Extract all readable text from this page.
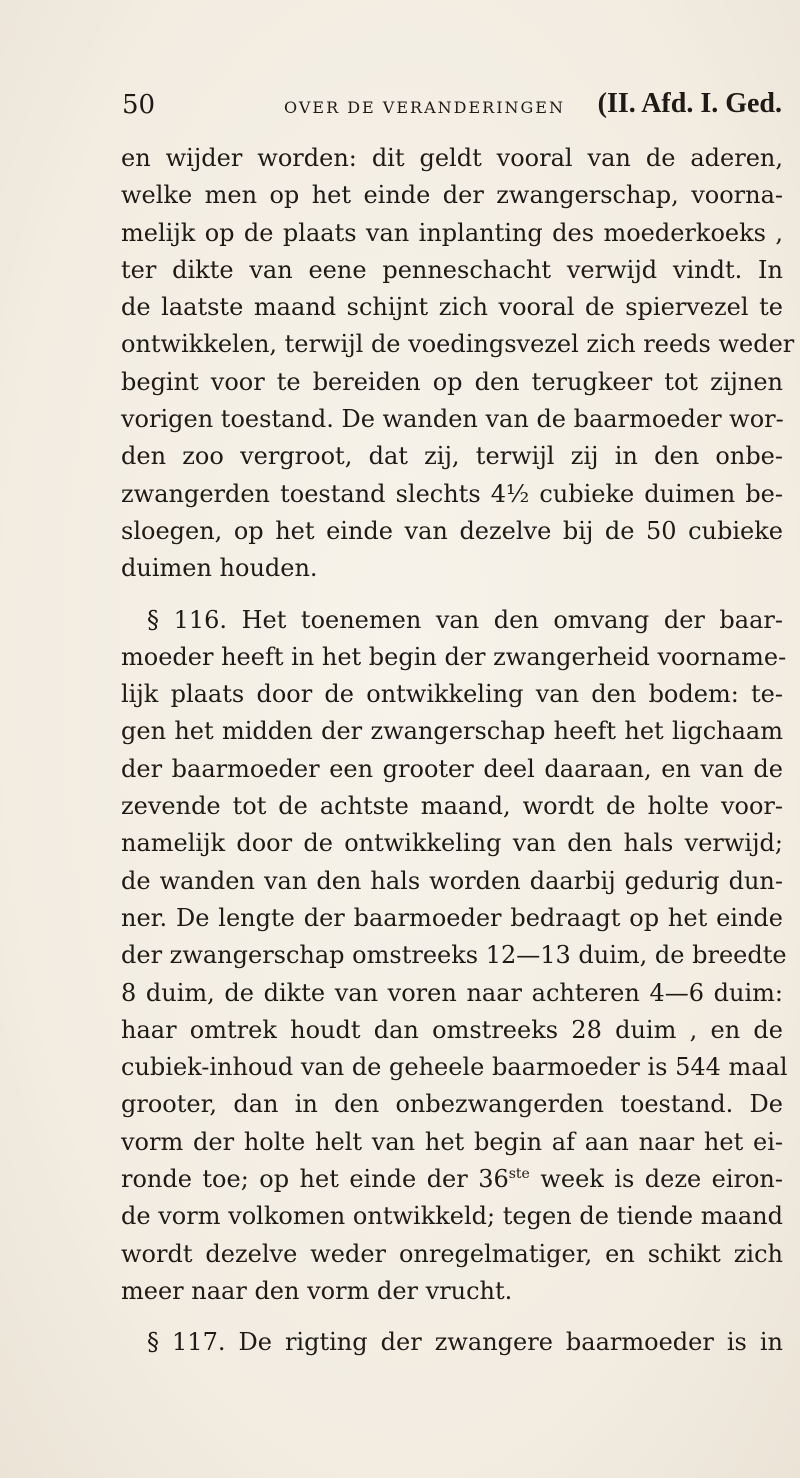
50	OVER DE VERANDERINGEN (II. Afd. I. Ged.
en wijder worden: dit geldt vooral van de aderen,
welke men op het einde der zwangerschap, voorna-
melijk op de plaats van inplanting des moederkoeks ,
ter dikte van eene penneschacht verwijd vindt. In
de laatste maand schijnt zich vooral de spiervezel te
ontwikkelen, terwijl de voedingsvezel zich reeds weder
begint voor te bereiden op den terugkeer tot zijnen
vorigen toestand. De wanden van de baarmoeder wor-
den zoo vergroot, dat zij, terwijl zij in den onbe-
zwangerden toestand slechts 4½ cubieke duimen be-
sloegen, op het einde van dezelve bij de 50 cubieke
duimen houden.
§ 116. Het toenemen van den omvang der baar-
moeder heeft in het begin der zwangerheid voorname-
lijk plaats door de ontwikkeling van den bodem: te-
gen het midden der zwangerschap heeft het ligchaam
der baarmoeder een grooter deel daaraan, en van de
zevende tot de achtste maand, wordt de holte voor-
namelijk door de ontwikkeling van den hals verwijd;
de wanden van den hals worden daarbij gedurig dun-
ner. De lengte der baarmoeder bedraagt op het einde
der zwangerschap omstreeks 12—13 duim, de breedte
8 duim, de dikte van voren naar achteren 4—6 duim:
haar omtrek houdt dan omstreeks 28 duim , en de
cubiek-inhoud van de geheele baarmoeder is 544 maal
grooter, dan in den onbezwangerden toestand. De
vorm der holte helt van het begin af aan naar het ei-
ronde toe; op het einde der 36ste week is deze eiron-
de vorm volkomen ontwikkeld; tegen de tiende maand
wordt dezelve weder onregelmatiger, en schikt zich
meer naar den vorm der vrucht.
§ 117. De rigting der zwangere baarmoeder is in
